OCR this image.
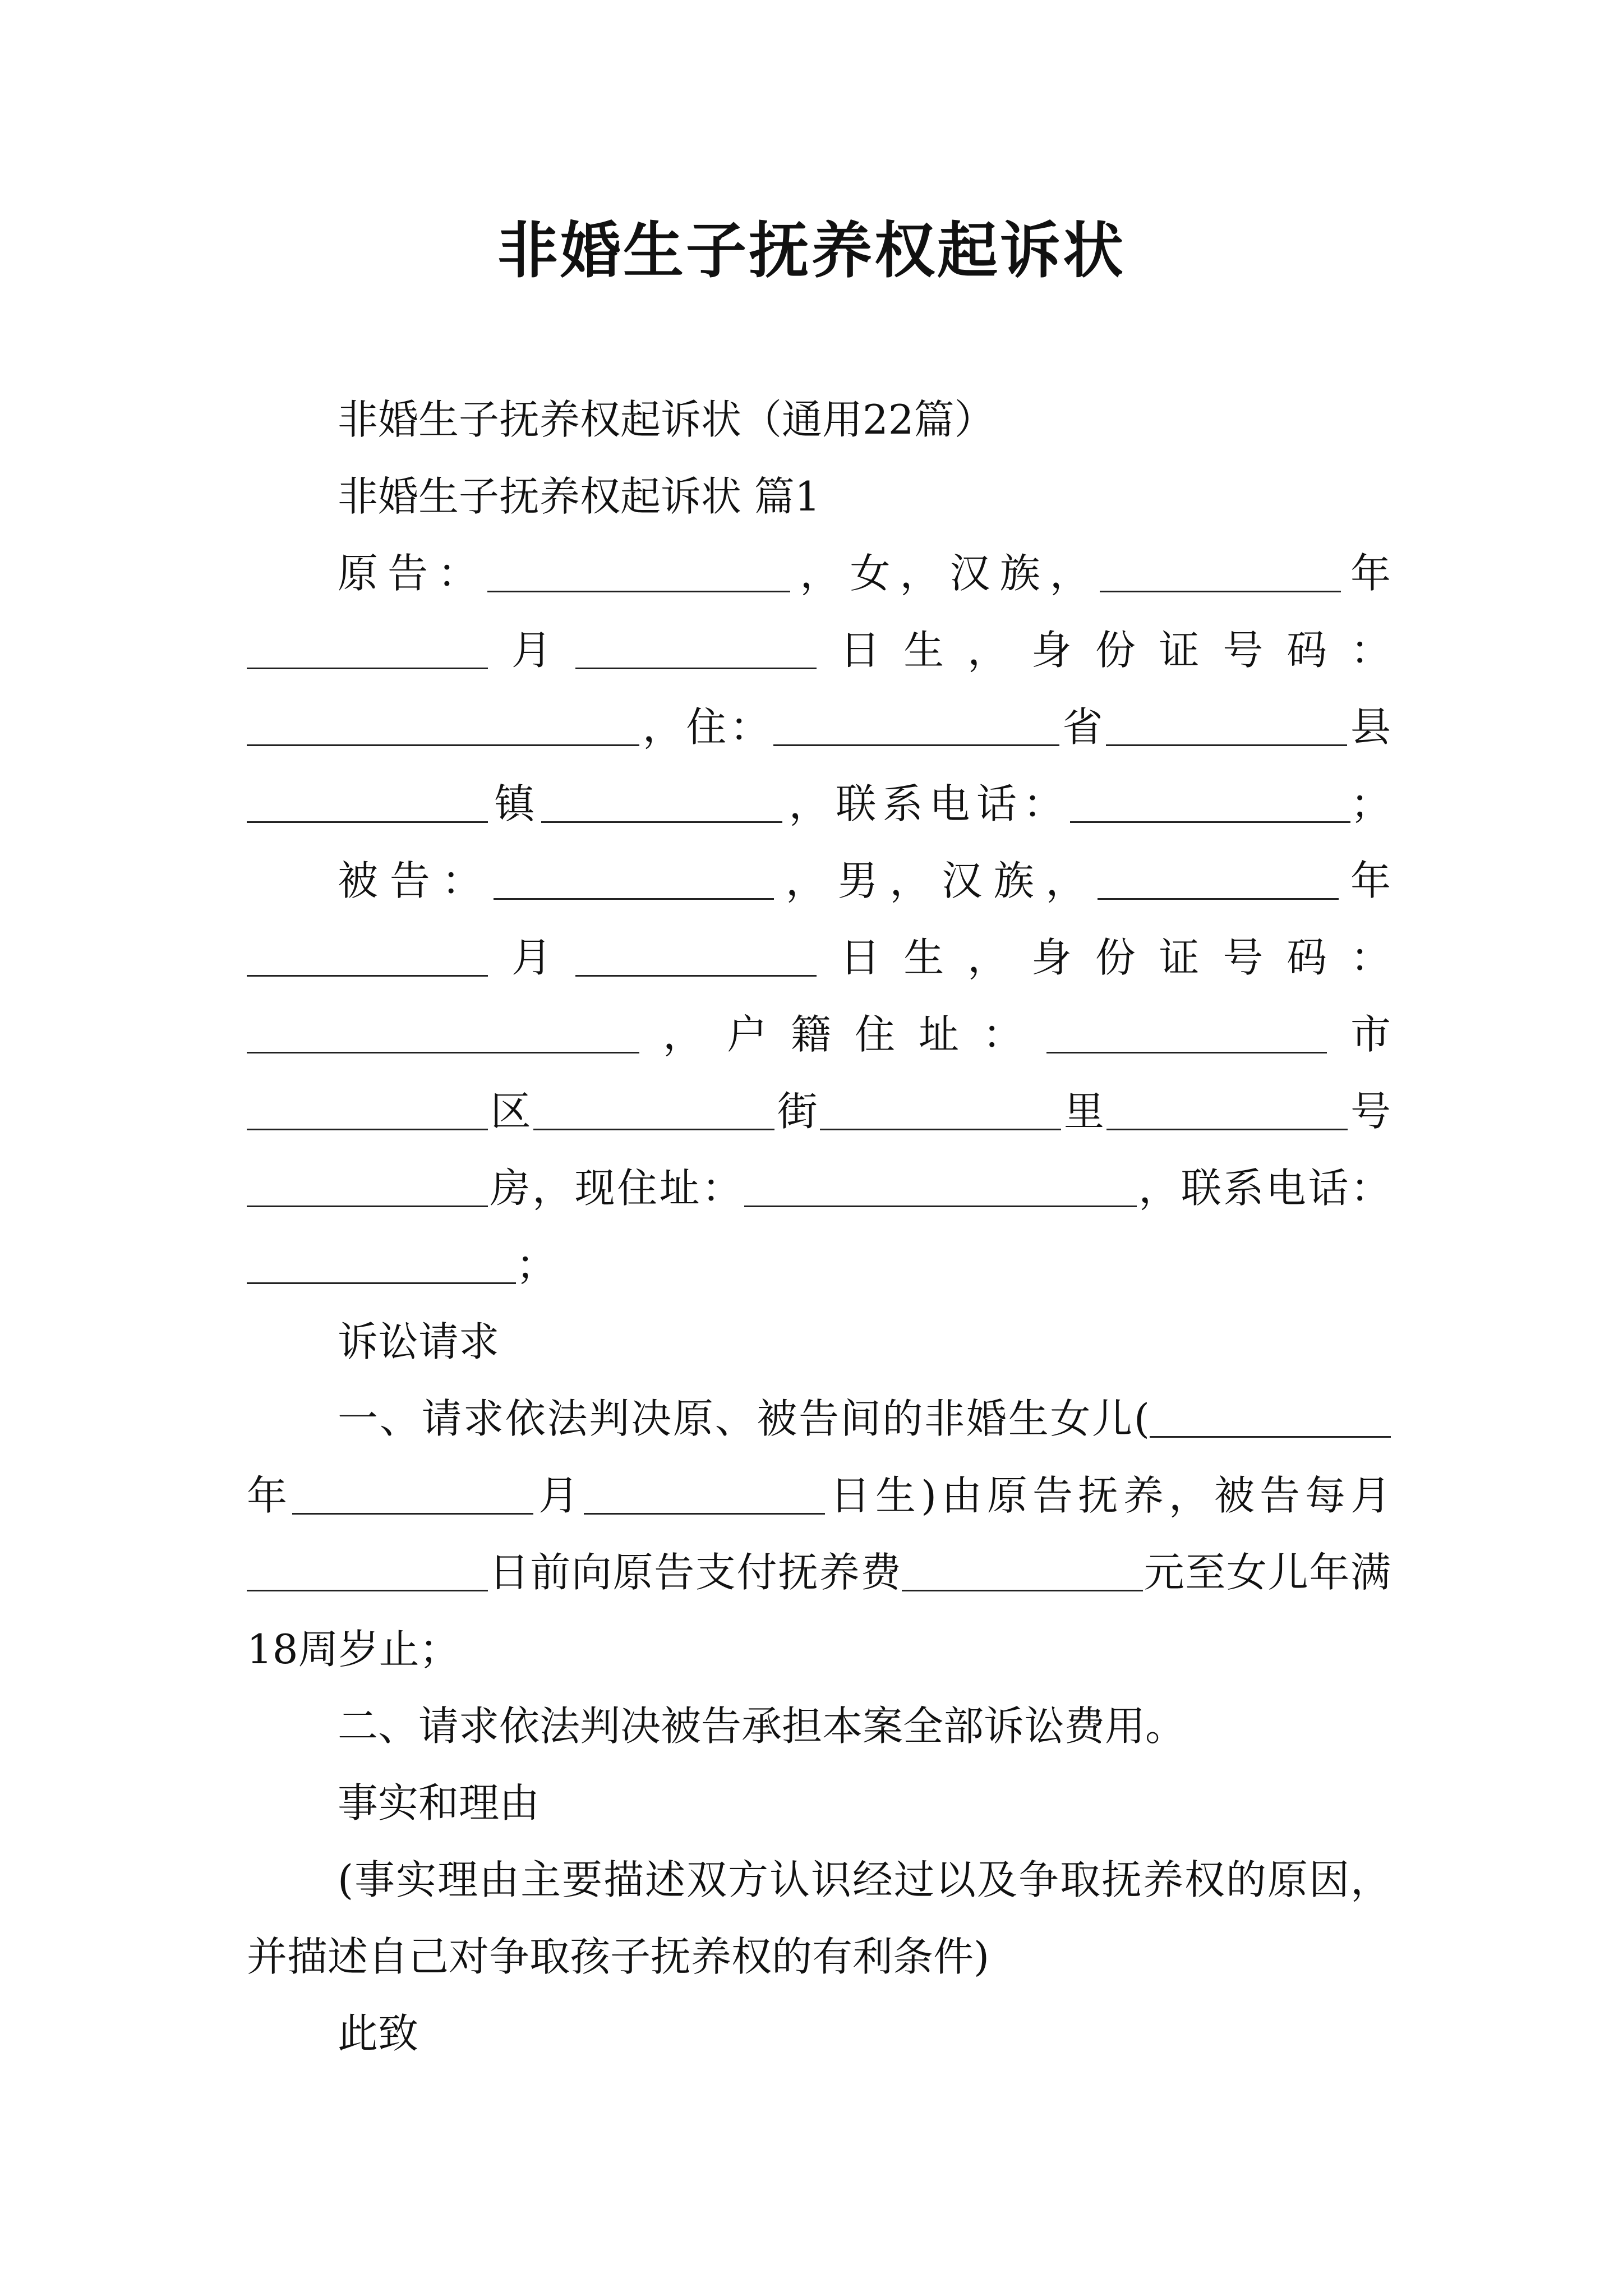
非婚生子抚养权起诉状
非婚生子抚养权起诉状（通用22篇）
非婚生子抚养权起诉状 篇1
原告：	，女，汉族，	年月	日生，身份证号码：，住：	省	县镇	，联系电话：	；
被告：	，男，汉族，	年月	日生，身份证号码：，户籍住址：	市区	街	里	号房，现住址：	，联系电话：；
诉讼请求
一、请求依法判决原、被告间的非婚生女儿(年	月	日生)由原告抚养，被告每月日前向原告支付抚养费	元至女儿年满18周岁止；
二、请求依法判决被告承担本案全部诉讼费用。
事实和理由
(事实理由主要描述双方认识经过以及争取抚养权的原因，并描述自己对争取孩子抚养权的有利条件)
此致
